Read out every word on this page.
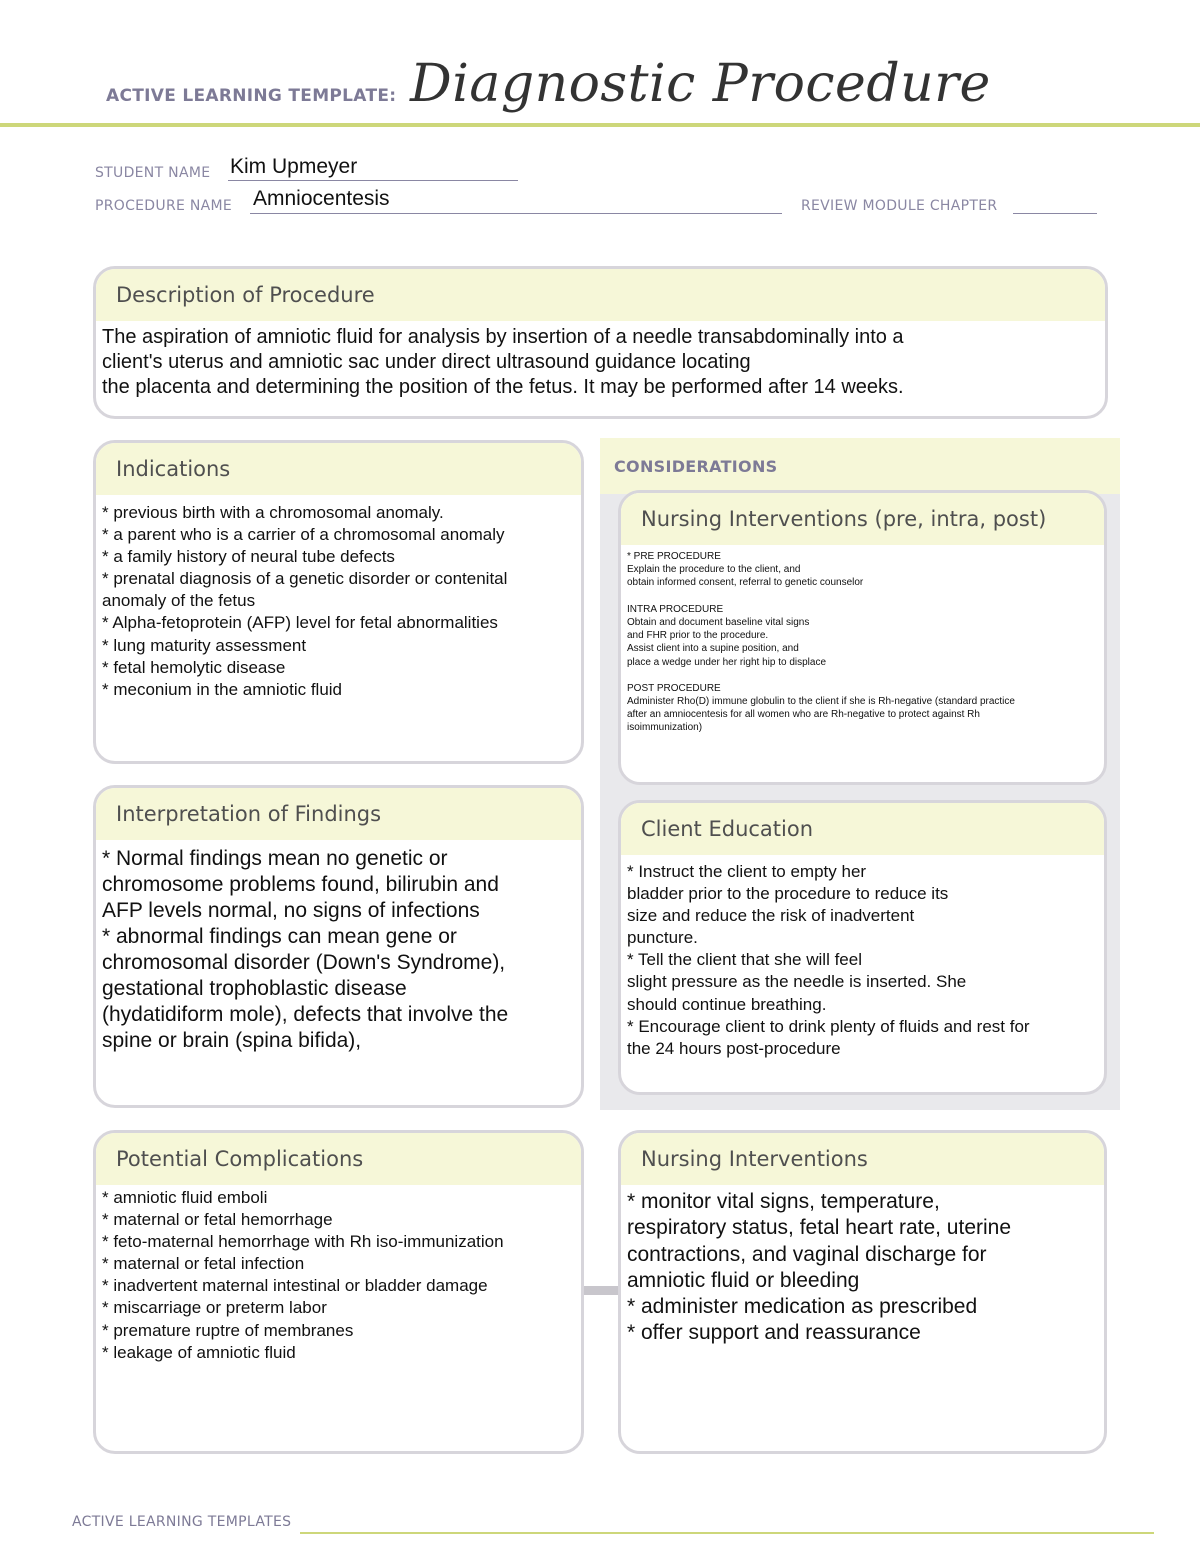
ACTIVE LEARNING TEMPLATE: Diagnostic Procedure
STUDENT NAME Kim Upmeyer
PROCEDURE NAME Amniocentesis	REVIEW MODULE CHAPTER
Description of Procedure
The aspiration of amniotic fluid for analysis by insertion of a needle transabdominally into a
client's uterus and amniotic sac under direct ultrasound guidance locating
the placenta and determining the position of the fetus. It may be performed after 14 weeks.
Indications
* previous birth with a chromosomal anomaly.
* a parent who is a carrier of a chromosomal anomaly
* a family history of neural tube defects
* prenatal diagnosis of a genetic disorder or contenital
anomaly of the fetus
* Alpha-fetoprotein (AFP) level for fetal abnormalities
* lung maturity assessment
* fetal hemolytic disease
* meconium in the amniotic fluid
CONSIDERATIONS
Nursing Interventions (pre, intra, post)
* PRE PROCEDURE
Explain the procedure to the client, and
obtain informed consent, referral to genetic counselor

INTRA PROCEDURE
Obtain and document baseline vital signs
and FHR prior to the procedure.
Assist client into a supine position, and
place a wedge under her right hip to displace

POST PROCEDURE
Administer Rho(D) immune globulin to the client if she is Rh-negative (standard practice
after an amniocentesis for all women who are Rh-negative to protect against Rh
isoimmunization)
Interpretation of Findings
* Normal findings mean no genetic or
chromosome problems found, bilirubin and
AFP levels normal, no signs of infections
* abnormal findings can mean gene or
chromosomal disorder (Down's Syndrome),
gestational trophoblastic disease
(hydatidiform mole), defects that involve the
spine or brain (spina bifida),
Client Education
* Instruct the client to empty her
bladder prior to the procedure to reduce its
size and reduce the risk of inadvertent
puncture.
* Tell the client that she will feel
slight pressure as the needle is inserted. She
should continue breathing.
* Encourage client to drink plenty of fluids and rest for
the 24 hours post-procedure
Potential Complications
* amniotic fluid emboli
* maternal or fetal hemorrhage
* feto-maternal hemorrhage with Rh iso-immunization
* maternal or fetal infection
* inadvertent maternal intestinal or bladder damage
* miscarriage or preterm labor
* premature ruptre of membranes
* leakage of amniotic fluid
Nursing Interventions
* monitor vital signs, temperature,
respiratory status, fetal heart rate, uterine
contractions, and vaginal discharge for
amniotic fluid or bleeding
* administer medication as prescribed
* offer support and reassurance
ACTIVE LEARNING TEMPLATES
